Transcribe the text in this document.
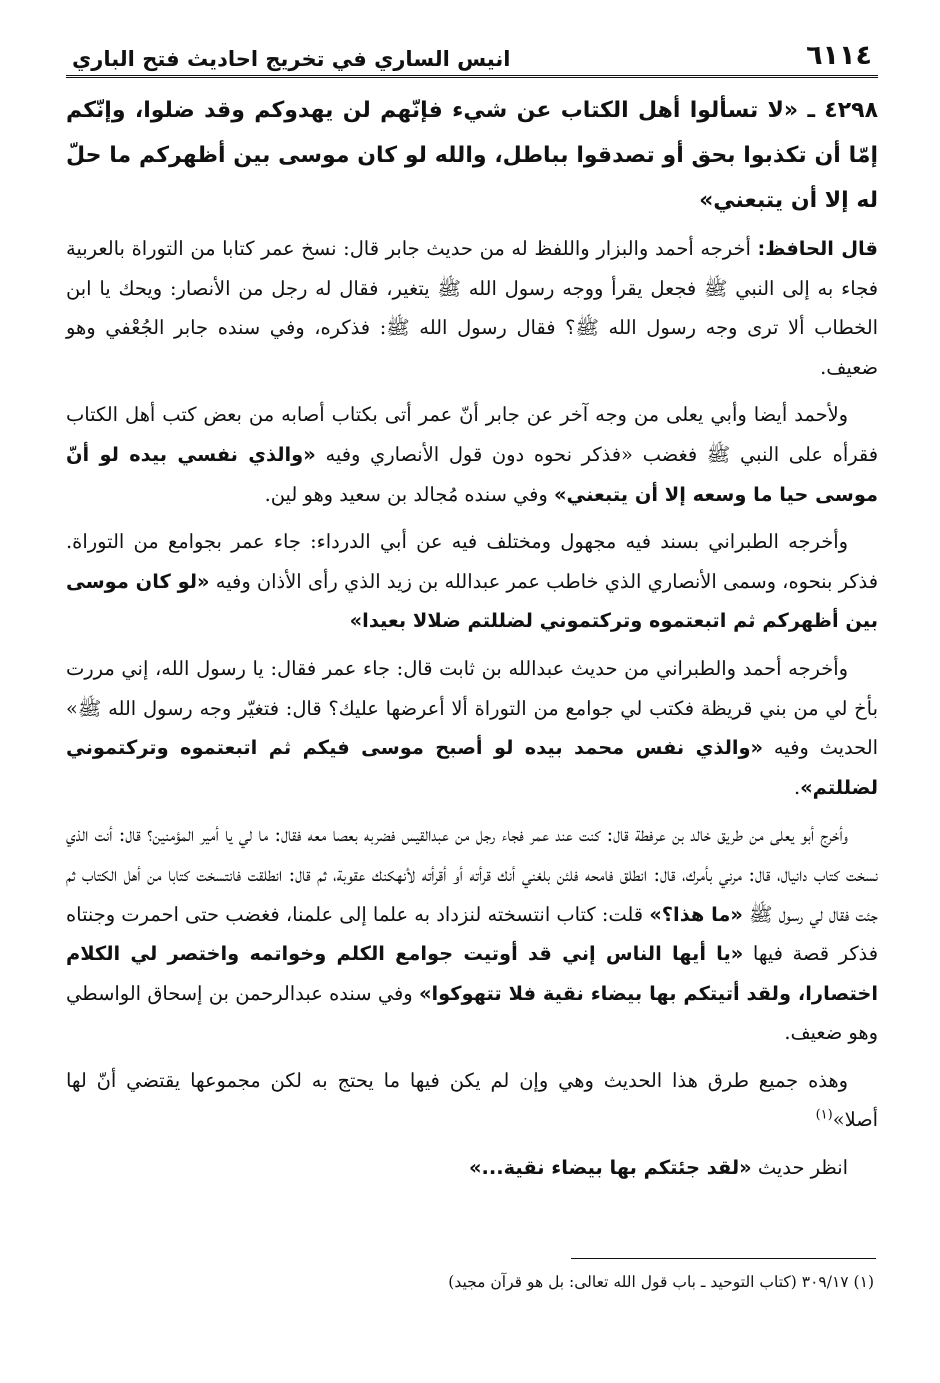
٦١١٤
انيس الساري في تخريج احاديث فتح الباري

٤٢٩٨ ـ «لا تسألوا أهل الكتاب عن شيء فإنّهم لن يهدوكم وقد ضلوا، وإنّكم إمّا أن تكذبوا بحق أو تصدقوا بباطل، والله لو كان موسى بين أظهركم ما حلّ له إلا أن يتبعني»

قال الحافظ: أخرجه أحمد والبزار واللفظ له من حديث جابر قال: نسخ عمر كتابا من التوراة بالعربية فجاء به إلى النبي ﷺ فجعل يقرأ ووجه رسول الله ﷺ يتغير، فقال له رجل من الأنصار: ويحك يا ابن الخطاب ألا ترى وجه رسول الله ﷺ؟ فقال رسول الله ﷺ: فذكره، وفي سنده جابر الجُعْفي وهو ضعيف.

ولأحمد أيضا وأبي يعلى من وجه آخر عن جابر أنّ عمر أتى بكتاب أصابه من بعض كتب أهل الكتاب فقرأه على النبي ﷺ فغضب «فذكر نحوه دون قول الأنصاري وفيه «والذي نفسي بيده لو أنّ موسى حيا ما وسعه إلا أن يتبعني» وفي سنده مُجالد بن سعيد وهو لين.

وأخرجه الطبراني بسند فيه مجهول ومختلف فيه عن أبي الدرداء: جاء عمر بجوامع من التوراة. فذكر بنحوه، وسمى الأنصاري الذي خاطب عمر عبدالله بن زيد الذي رأى الأذان وفيه «لو كان موسى بين أظهركم ثم اتبعتموه وتركتموني لضللتم ضلالا بعيدا»

وأخرجه أحمد والطبراني من حديث عبدالله بن ثابت قال: جاء عمر فقال: يا رسول الله، إني مررت بأخ لي من بني قريظة فكتب لي جوامع من التوراة ألا أعرضها عليك؟ قال: فتغيّر وجه رسول الله ﷺ» الحديث وفيه «والذي نفس محمد بيده لو أصبح موسى فيكم ثم اتبعتموه وتركتموني لضللتم».

وأخرج أبو يعلى من طريق خالد بن عرفطة قال: كنت عند عمر فجاء رجل من عبدالقيس فضربه بعصا معه فقال: ما لي يا أمير المؤمنين؟ قال: أنت الذي نسخت كتاب دانيال، قال: مرني بأمرك، قال: انطلق فامحه فلئن بلغني أنك قرأته أو أقرأته لأنهكنك عقوبة، ثم قال: انطلقت فانتسخت كتابا من أهل الكتاب ثم جئت فقال لي رسول ﷺ «ما هذا؟» قلت: كتاب انتسخته لنزداد به علما إلى علمنا، فغضب حتى احمرت وجنتاه فذكر قصة فيها «يا أيها الناس إني قد أوتيت جوامع الكلم وخواتمه واختصر لي الكلام اختصارا، ولقد أتيتكم بها بيضاء نقية فلا تتهوكوا» وفي سنده عبدالرحمن بن إسحاق الواسطي وهو ضعيف.

وهذه جميع طرق هذا الحديث وهي وإن لم يكن فيها ما يحتج به لكن مجموعها يقتضي أنّ لها أصلا»$^{(١)}$

انظر حديث «لقد جئتكم بها بيضاء نقية...»

(١) ٣٠٩/١٧ (كتاب التوحيد ـ باب قول الله تعالى: بل هو قرآن مجيد)
